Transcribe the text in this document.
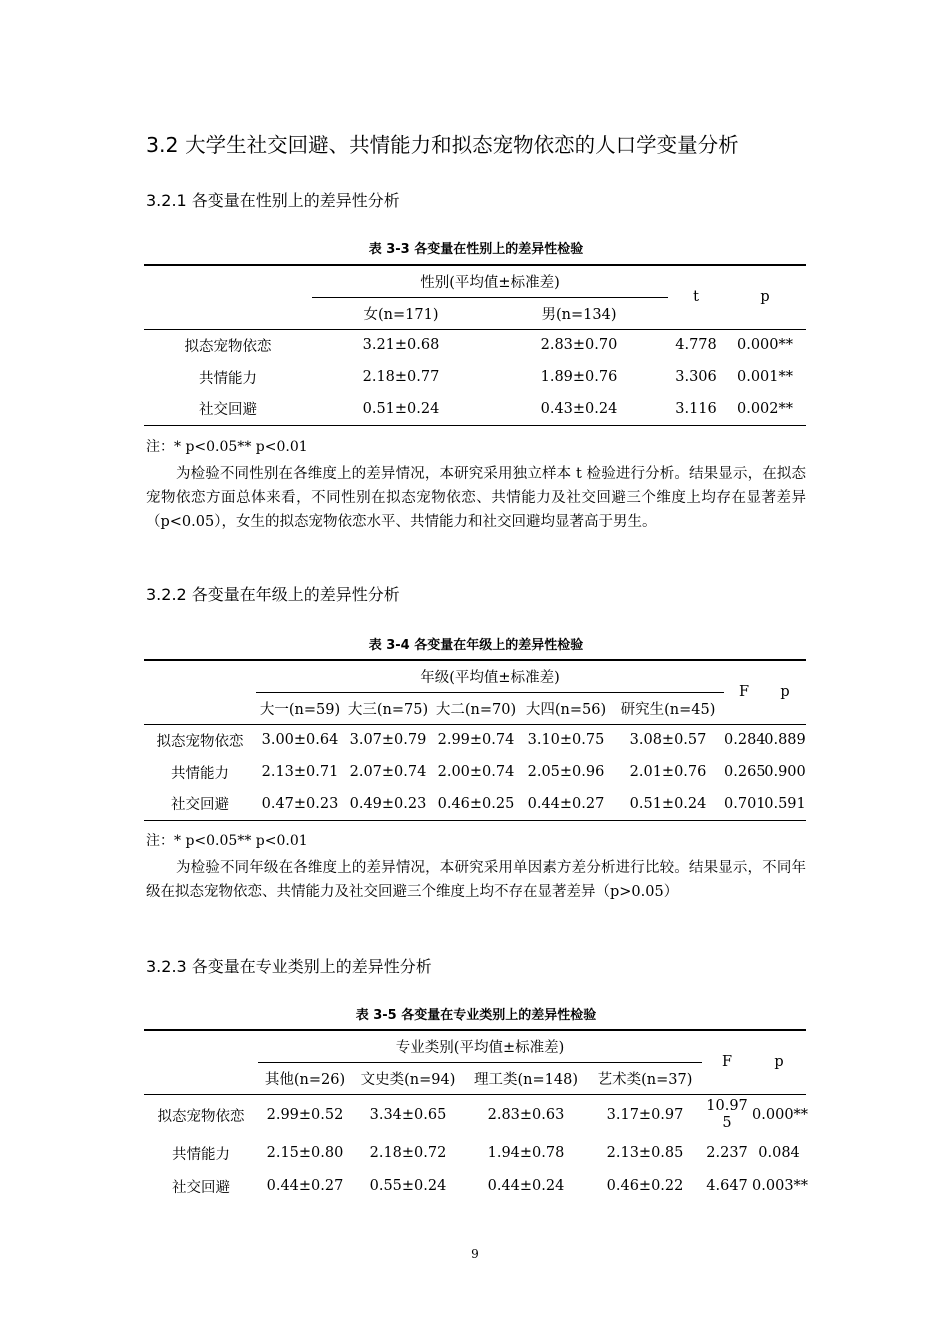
3.2 大学生社交回避、共情能力和拟态宠物依恋的人口学变量分析
3.2.1 各变量在性别上的差异性分析
表 3-3 各变量在性别上的差异性检验
	性别(平均值±标准差)		t	p
	女(n=171)	男(n=134)		
拟态宠物依恋	3.21±0.68	2.83±0.70	4.778	0.000**
共情能力	2.18±0.77	1.89±0.76	3.306	0.001**
社交回避	0.51±0.24	0.43±0.24	3.116	0.002**
注：* p<0.05** p<0.01
为检验不同性别在各维度上的差异情况，本研究采用独立样本 t 检验进行分析。结果显示，在拟态宠物依恋方面总体来看，不同性别在拟态宠物依恋、共情能力及社交回避三个维度上均存在显著差异（p<0.05），女生的拟态宠物依恋水平、共情能力和社交回避均显著高于男生。
3.2.2 各变量在年级上的差异性分析
表 3-4 各变量在年级上的差异性检验
	年级(平均值±标准差)					F	p
	大一(n=59)	大三(n=75)	大二(n=70)	大四(n=56)	研究生(n=45)		
拟态宠物依恋	3.00±0.64	3.07±0.79	2.99±0.74	3.10±0.75	3.08±0.57	0.284	0.889
共情能力	2.13±0.71	2.07±0.74	2.00±0.74	2.05±0.96	2.01±0.76	0.265	0.900
社交回避	0.47±0.23	0.49±0.23	0.46±0.25	0.44±0.27	0.51±0.24	0.701	0.591
注：* p<0.05** p<0.01
为检验不同年级在各维度上的差异情况，本研究采用单因素方差分析进行比较。结果显示，不同年级在拟态宠物依恋、共情能力及社交回避三个维度上均不存在显著差异（p>0.05）
3.2.3 各变量在专业类别上的差异性分析
表 3-5 各变量在专业类别上的差异性检验
	专业类别(平均值±标准差)				F	p
	其他(n=26)	文史类(n=94)	理工类(n=148)	艺术类(n=37)		
拟态宠物依恋	2.99±0.52	3.34±0.65	2.83±0.63	3.17±0.97	10.975	0.000**
共情能力	2.15±0.80	2.18±0.72	1.94±0.78	2.13±0.85	2.237	0.084
社交回避	0.44±0.27	0.55±0.24	0.44±0.24	0.46±0.22	4.647	0.003**
9
